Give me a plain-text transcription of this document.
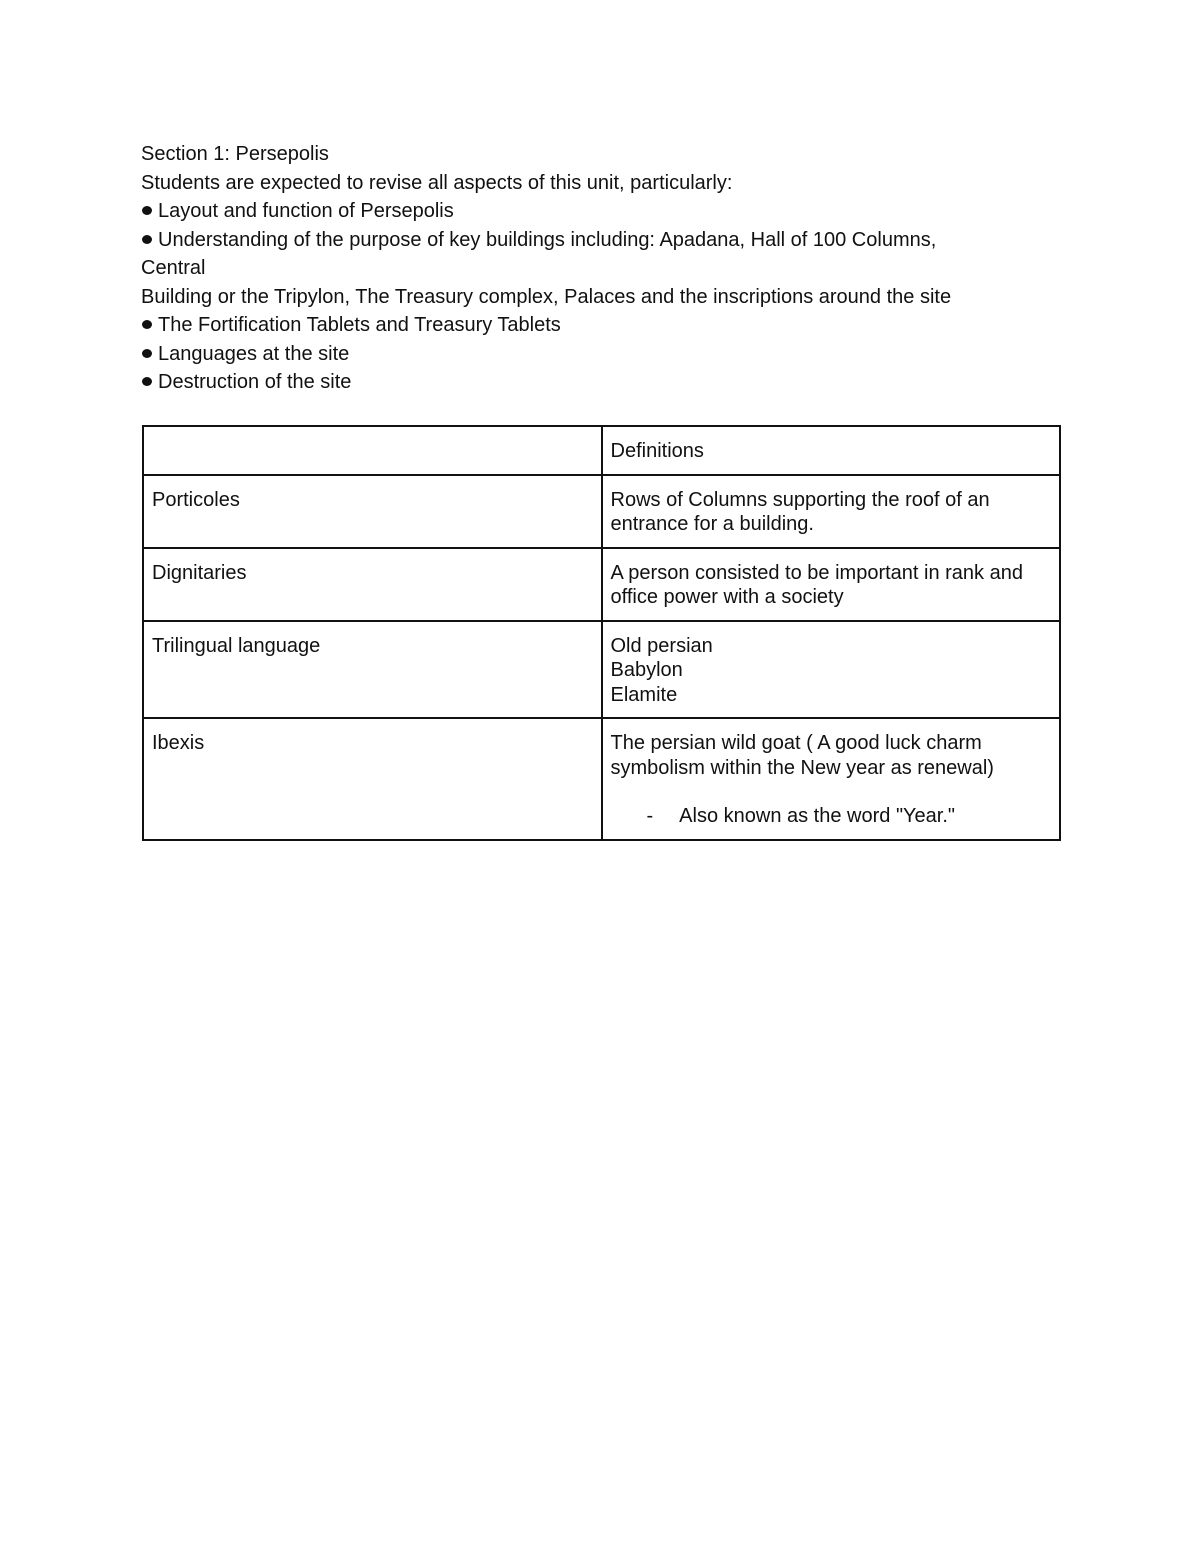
Section 1: Persepolis
Students are expected to revise all aspects of this unit, particularly:
Layout and function of Persepolis
Understanding of the purpose of key buildings including: Apadana, Hall of 100 Columns,
Central
Building or the Tripylon, The Treasury complex, Palaces and the inscriptions around the site
The Fortification Tablets and Treasury Tablets
Languages at the site
Destruction of the site
	Definitions
Porticoles	Rows of Columns supporting the roof of an entrance for a building.
Dignitaries	A person consisted to be important in rank and office power with a society
Trilingual language	Old persian
Babylon
Elamite

Ibexis	The persian wild goat ( A good luck charm symbolism within the New year as renewal)
- Also known as the word "Year."
